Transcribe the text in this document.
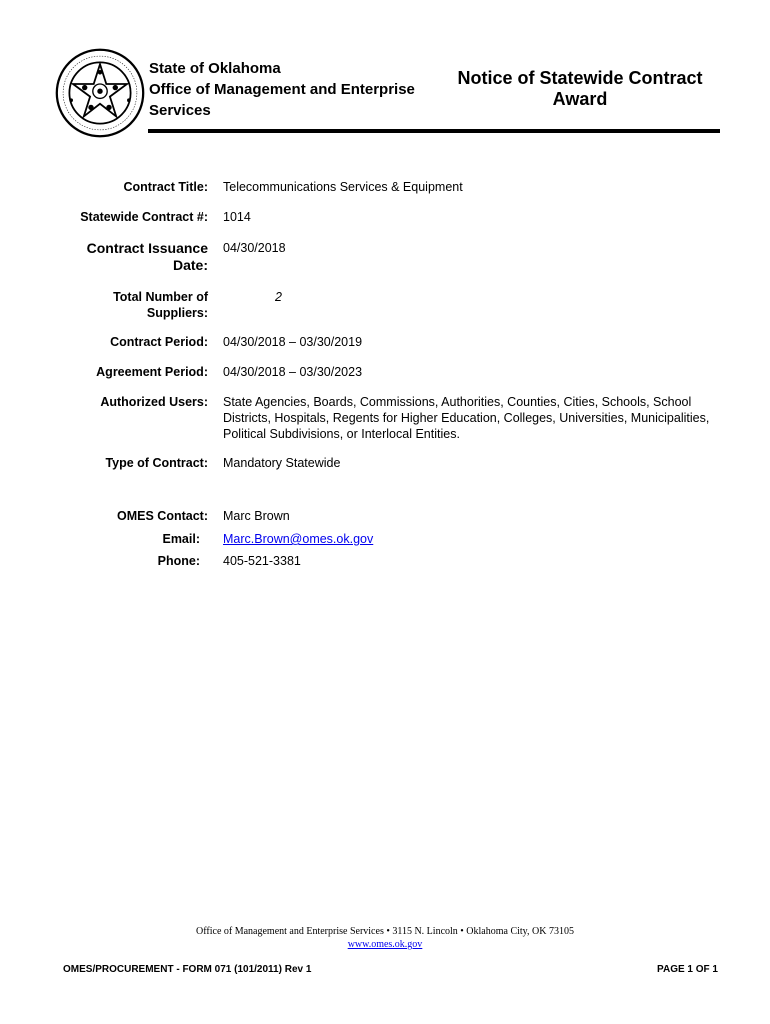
State of Oklahoma
Office of Management and Enterprise
Services
Notice of Statewide Contract
Award
Contract Title: Telecommunications Services & Equipment
Statewide Contract #: 1014
Contract Issuance
Date:
04/30/2018
Total Number of
Suppliers:
2
Contract Period: 04/30/2018 – 03/30/2019
Agreement Period: 04/30/2018 – 03/30/2023
Authorized Users: State Agencies, Boards, Commissions, Authorities, Counties, Cities, Schools, School
Districts, Hospitals, Regents for Higher Education, Colleges, Universities, Municipalities,
Political Subdivisions, or Interlocal Entities.
Type of Contract: Mandatory Statewide
OMES Contact: Marc Brown
Email: Marc.Brown@omes.ok.gov
Phone: 405-521-3381
Office of Management and Enterprise Services • 3115 N. Lincoln • Oklahoma City, OK 73105
www.omes.ok.gov
OMES/PROCUREMENT - FORM 071 (101/2011) Rev 1	PAGE 1 OF 1
